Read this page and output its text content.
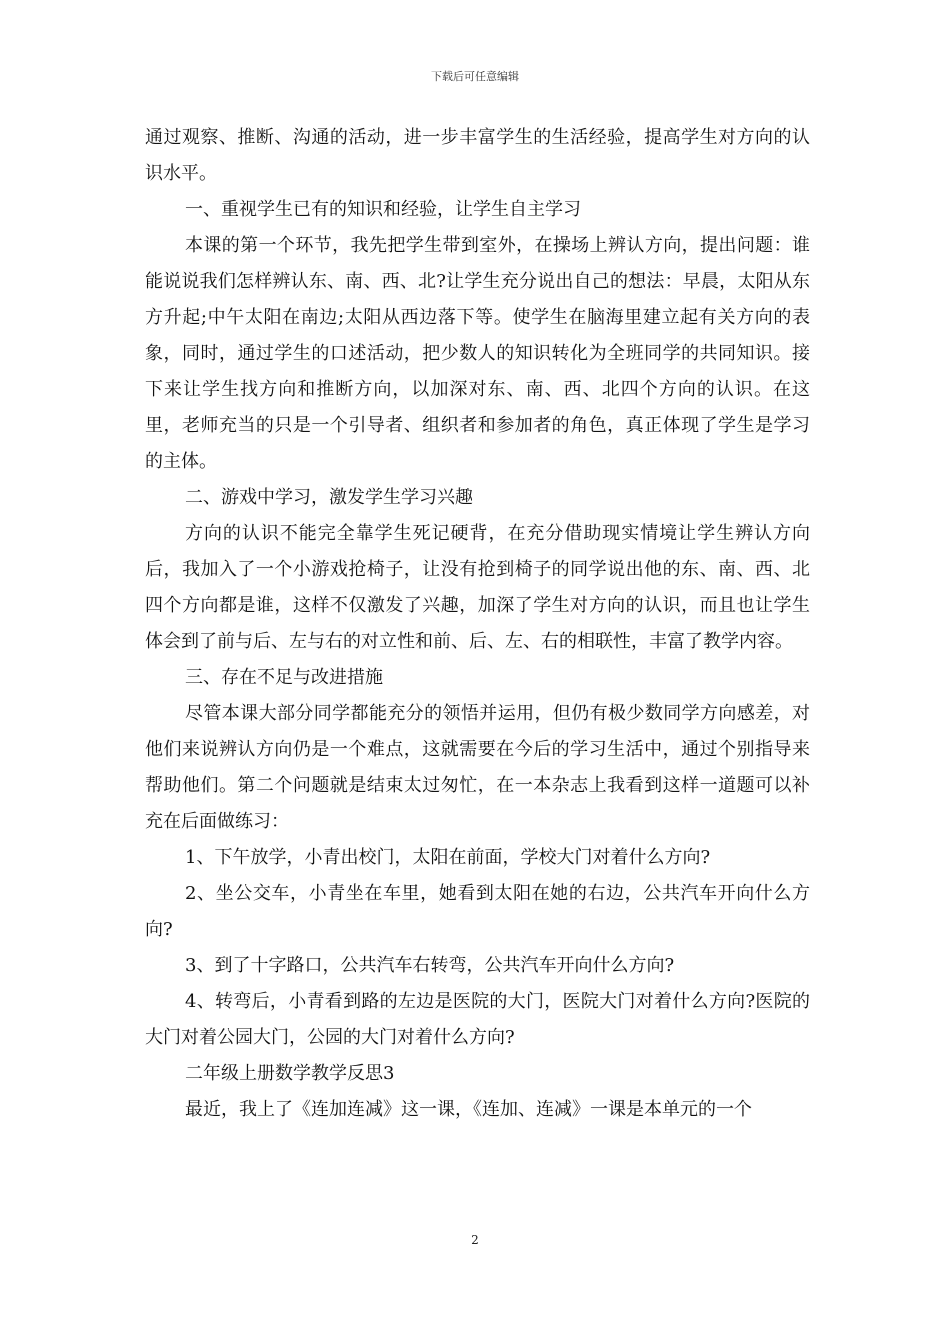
下载后可任意编辑

通过观察、推断、沟通的活动，进一步丰富学生的生活经验，提高学生对方向的认识水平。

一、重视学生已有的知识和经验，让学生自主学习

本课的第一个环节，我先把学生带到室外，在操场上辨认方向，提出问题：谁能说说我们怎样辨认东、南、西、北?让学生充分说出自己的想法：早晨，太阳从东方升起;中午太阳在南边;太阳从西边落下等。使学生在脑海里建立起有关方向的表象，同时，通过学生的口述活动，把少数人的知识转化为全班同学的共同知识。接下来让学生找方向和推断方向，以加深对东、南、西、北四个方向的认识。在这里，老师充当的只是一个引导者、组织者和参加者的角色，真正体现了学生是学习的主体。

二、游戏中学习，激发学生学习兴趣

方向的认识不能完全靠学生死记硬背，在充分借助现实情境让学生辨认方向后，我加入了一个小游戏抢椅子，让没有抢到椅子的同学说出他的东、南、西、北四个方向都是谁，这样不仅激发了兴趣，加深了学生对方向的认识，而且也让学生体会到了前与后、左与右的对立性和前、后、左、右的相联性，丰富了教学内容。

三、存在不足与改进措施

尽管本课大部分同学都能充分的领悟并运用，但仍有极少数同学方向感差，对他们来说辨认方向仍是一个难点，这就需要在今后的学习生活中，通过个别指导来帮助他们。第二个问题就是结束太过匆忙，在一本杂志上我看到这样一道题可以补充在后面做练习：

1、下午放学，小青出校门，太阳在前面，学校大门对着什么方向?

2、坐公交车，小青坐在车里，她看到太阳在她的右边，公共汽车开向什么方向?

3、到了十字路口，公共汽车右转弯，公共汽车开向什么方向?

4、转弯后，小青看到路的左边是医院的大门，医院大门对着什么方向?医院的大门对着公园大门，公园的大门对着什么方向?

二年级上册数学教学反思3

最近，我上了《连加连减》这一课，《连加、连减》一课是本单元的一个

2
